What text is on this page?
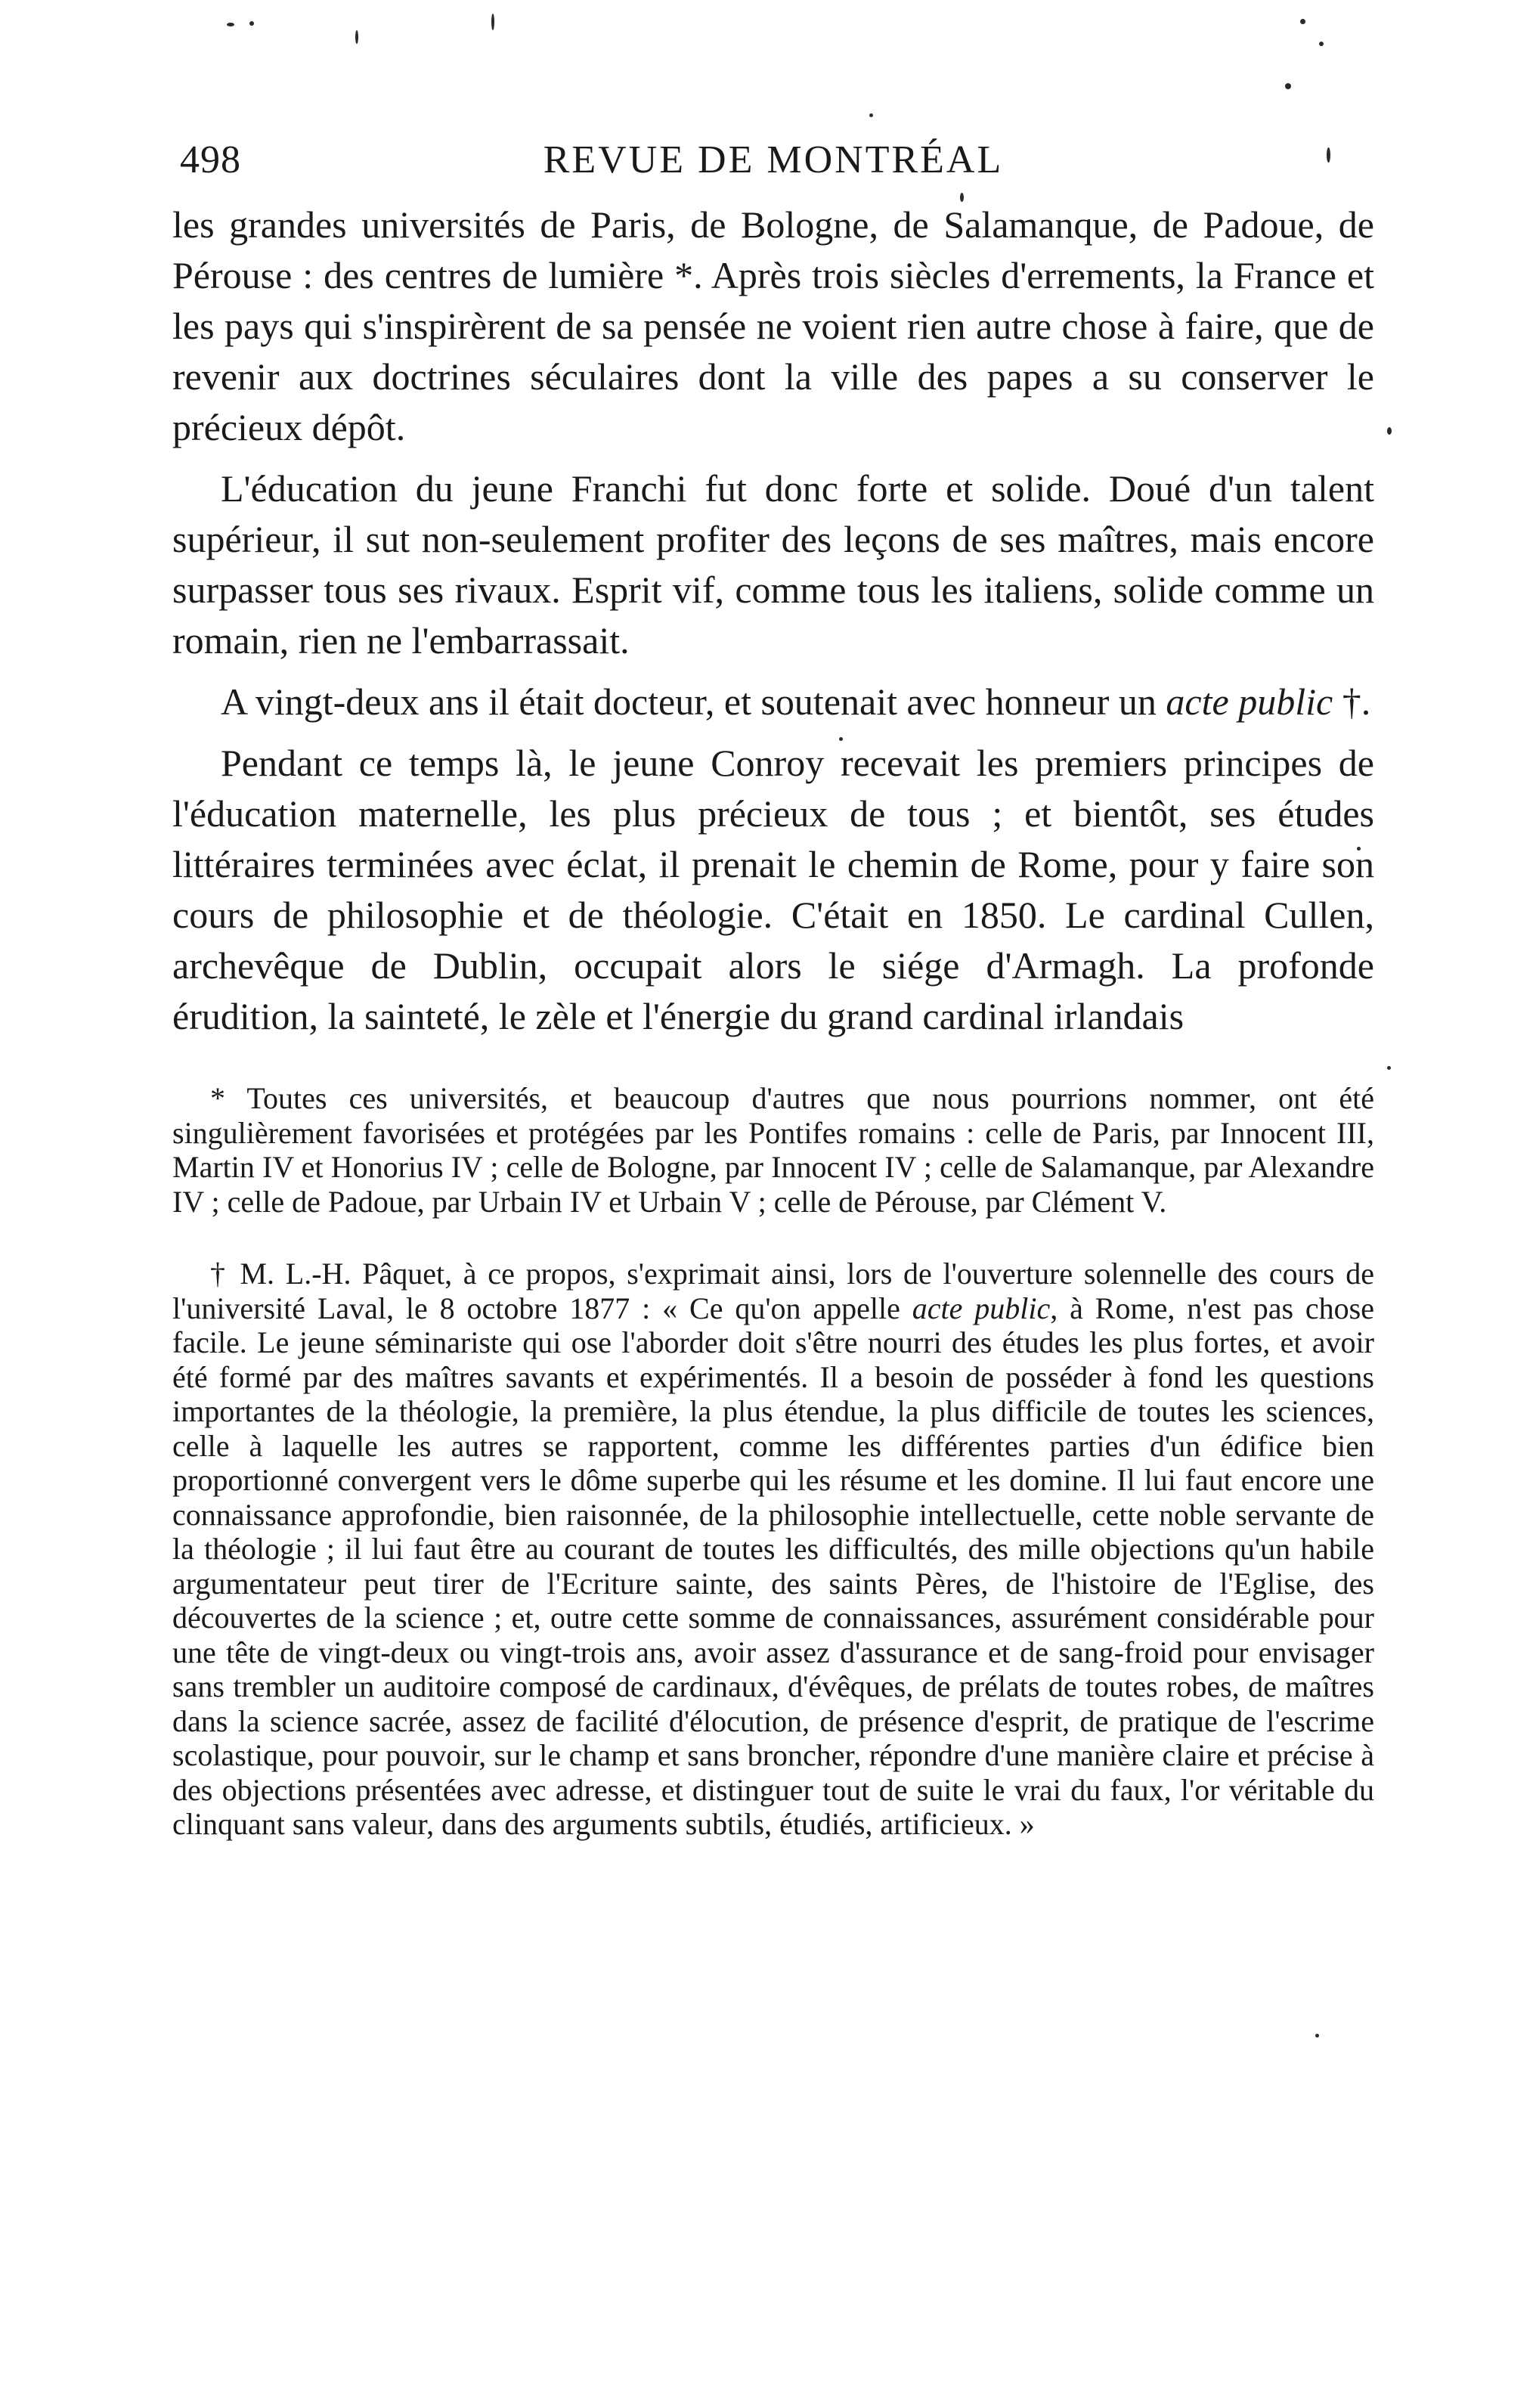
498	REVUE DE MONTRÉAL

les grandes universités de Paris, de Bologne, de Salamanque, de Padoue, de Pérouse : des centres de lumière *. Après trois siècles d'errements, la France et les pays qui s'inspirèrent de sa pensée ne voient rien autre chose à faire, que de revenir aux doctrines séculaires dont la ville des papes a su conserver le précieux dépôt.

L'éducation du jeune Franchi fut donc forte et solide. Doué d'un talent supérieur, il sut non-seulement profiter des leçons de ses maîtres, mais encore surpasser tous ses rivaux. Esprit vif, comme tous les italiens, solide comme un romain, rien ne l'embarrassait.

A vingt-deux ans il était docteur, et soutenait avec honneur un acte public †.

Pendant ce temps là, le jeune Conroy recevait les premiers principes de l'éducation maternelle, les plus précieux de tous ; et bientôt, ses études littéraires terminées avec éclat, il prenait le chemin de Rome, pour y faire son cours de philosophie et de théologie. C'était en 1850. Le cardinal Cullen, archevêque de Dublin, occupait alors le siége d'Armagh. La profonde érudition, la sainteté, le zèle et l'énergie du grand cardinal irlandais

* Toutes ces universités, et beaucoup d'autres que nous pourrions nommer, ont été singulièrement favorisées et protégées par les Pontifes romains : celle de Paris, par Innocent III, Martin IV et Honorius IV ; celle de Bologne, par Innocent IV ; celle de Salamanque, par Alexandre IV ; celle de Padoue, par Urbain IV et Urbain V ; celle de Pérouse, par Clément V.

† M. L.-H. Pâquet, à ce propos, s'exprimait ainsi, lors de l'ouverture solennelle des cours de l'université Laval, le 8 octobre 1877 : « Ce qu'on appelle acte public, à Rome, n'est pas chose facile. Le jeune séminariste qui ose l'aborder doit s'être nourri des études les plus fortes, et avoir été formé par des maîtres savants et expérimentés. Il a besoin de posséder à fond les questions importantes de la théologie, la première, la plus étendue, la plus difficile de toutes les sciences, celle à laquelle les autres se rapportent, comme les différentes parties d'un édifice bien proportionné convergent vers le dôme superbe qui les résume et les domine. Il lui faut encore une connaissance approfondie, bien raisonnée, de la philosophie intellectuelle, cette noble servante de la théologie ; il lui faut être au courant de toutes les difficultés, des mille objections qu'un habile argumentateur peut tirer de l'Ecriture sainte, des saints Pères, de l'histoire de l'Eglise, des découvertes de la science ; et, outre cette somme de connaissances, assurément considérable pour une tête de vingt-deux ou vingt-trois ans, avoir assez d'assurance et de sang-froid pour envisager sans trembler un auditoire composé de cardinaux, d'évêques, de prélats de toutes robes, de maîtres dans la science sacrée, assez de facilité d'élocution, de présence d'esprit, de pratique de l'escrime scolastique, pour pouvoir, sur le champ et sans broncher, répondre d'une manière claire et précise à des objections présentées avec adresse, et distinguer tout de suite le vrai du faux, l'or véritable du clinquant sans valeur, dans des arguments subtils, étudiés, artificieux. »
